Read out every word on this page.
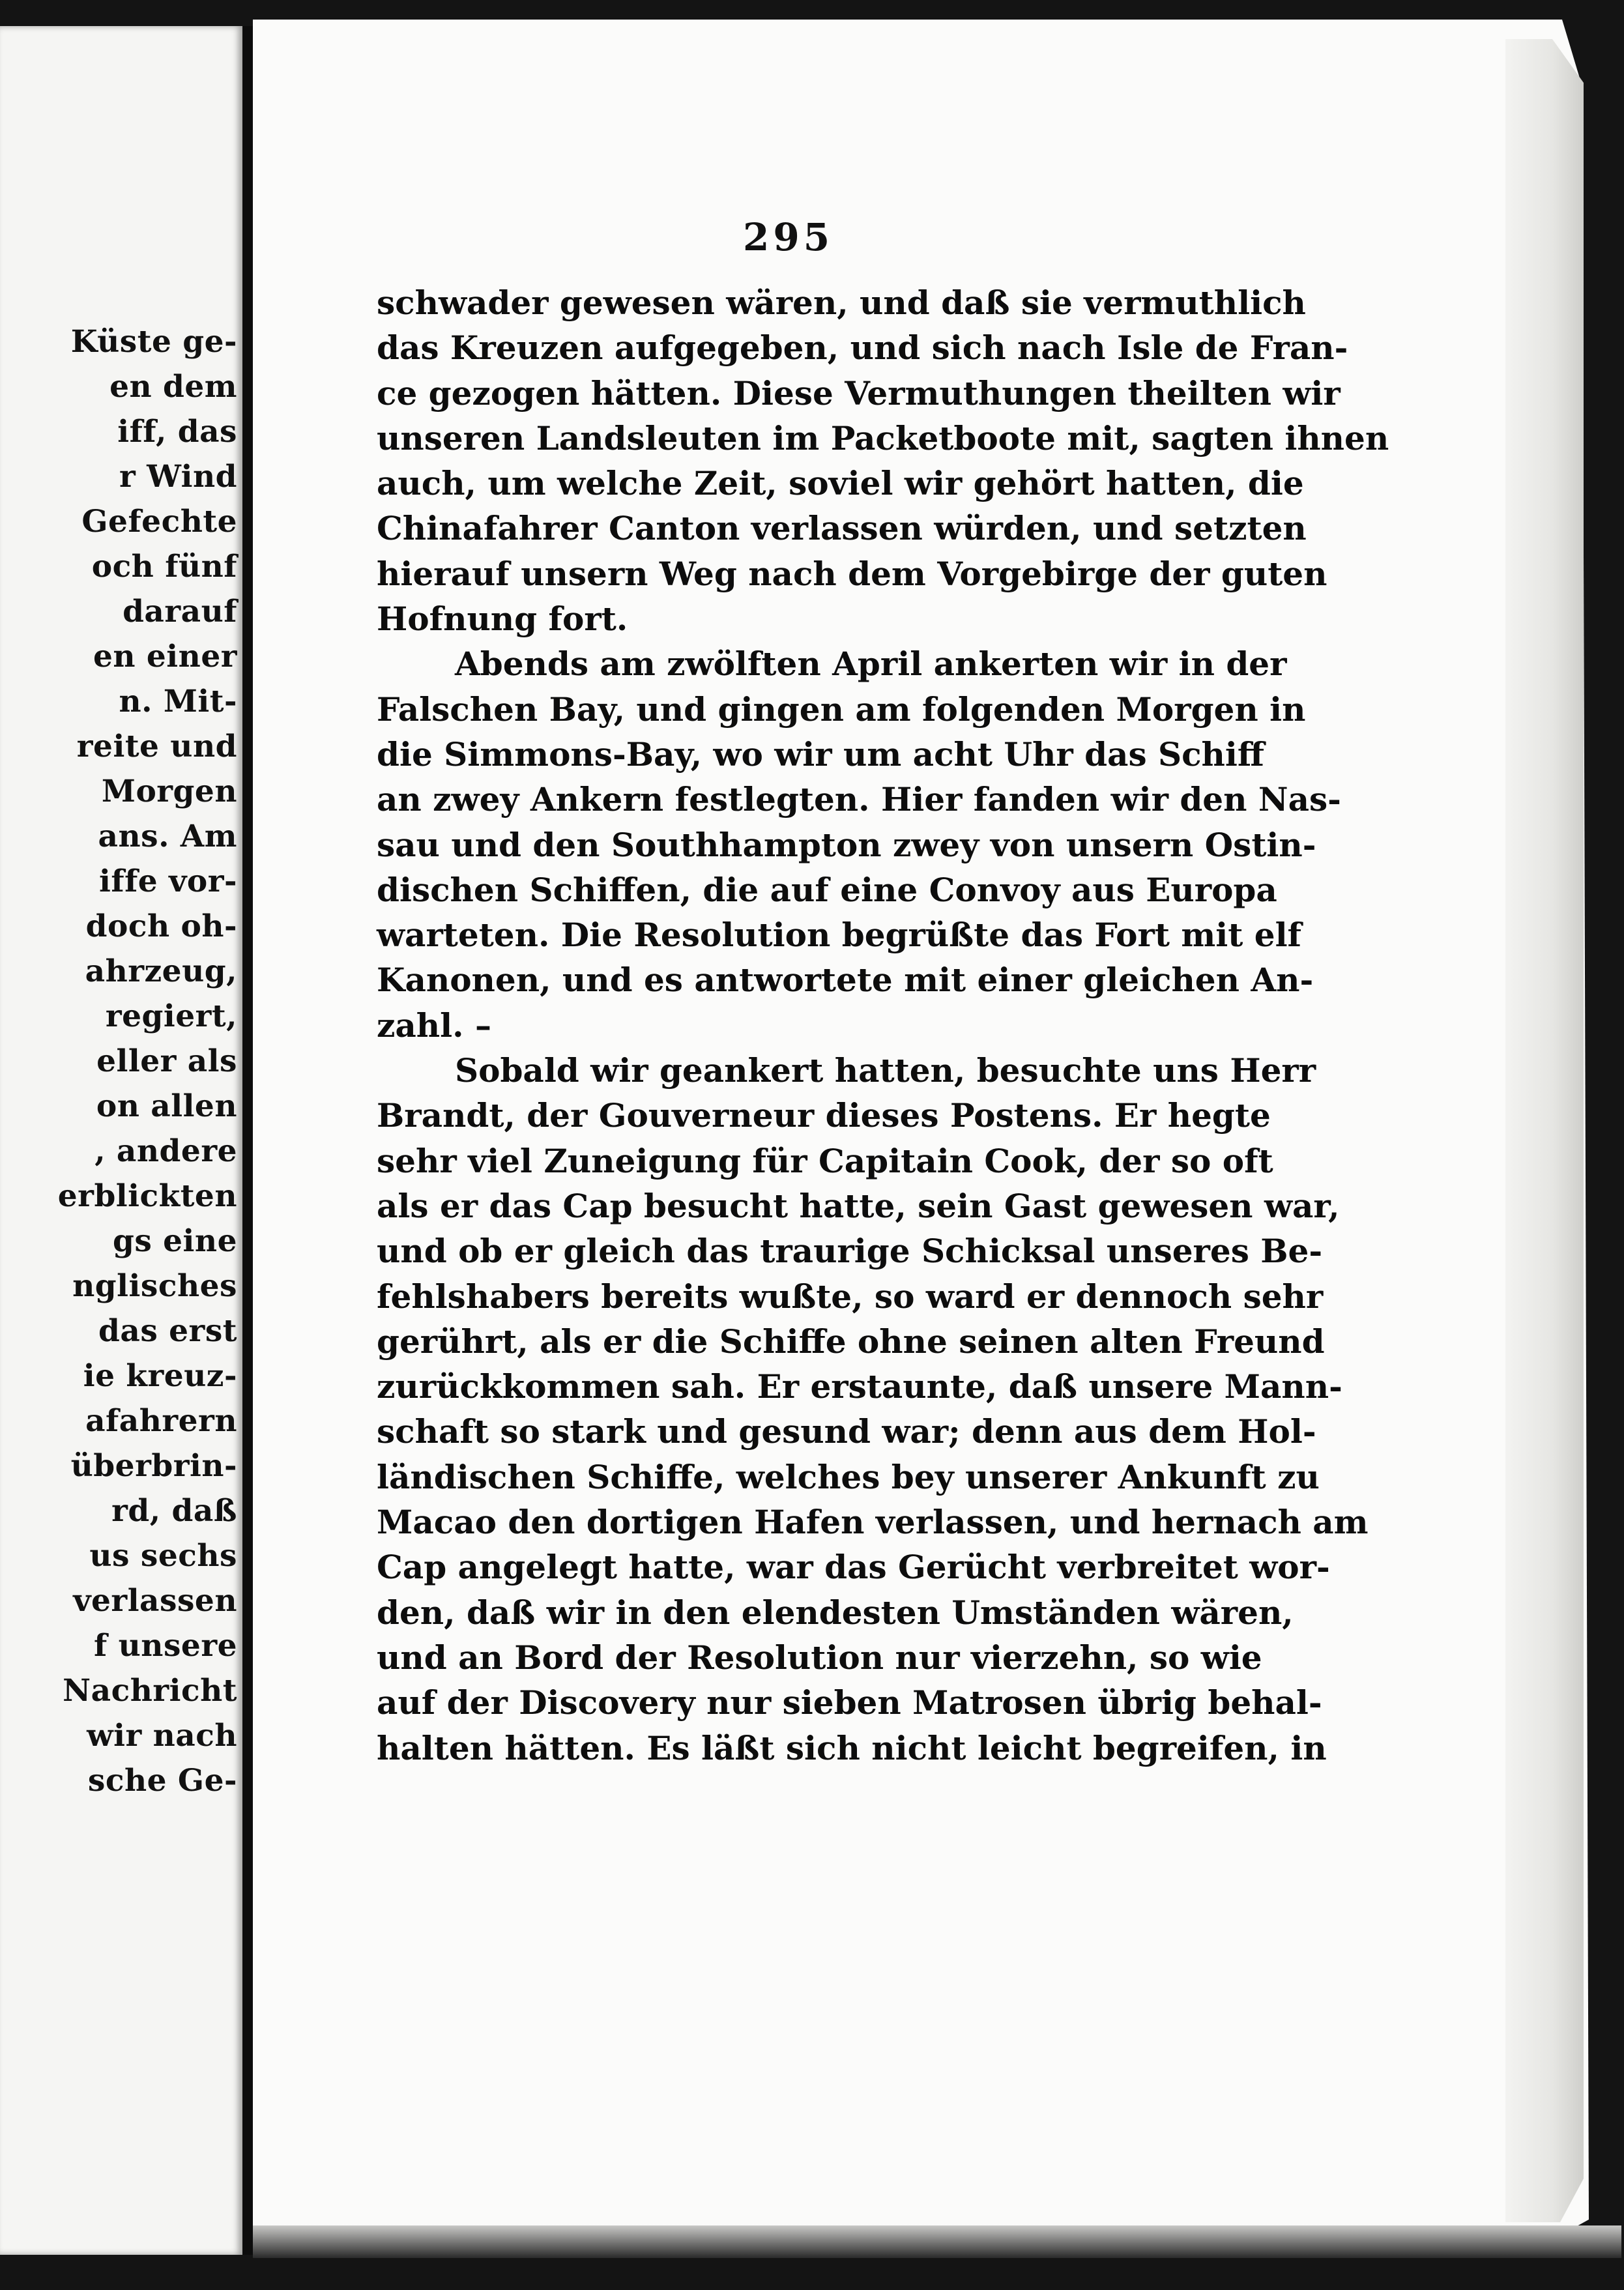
Küste ge-
en dem
iff, das
r Wind
Gefechte
och fünf
darauf
en einer
n. Mit-
reite und
Morgen
ans. Am
iffe vor-
doch oh-
ahrzeug,
regiert,
eller als
on allen
, andere
erblickten
gs eine
nglisches
das erst
ie kreuz-
afahrern
überbrin-
rd, daß
us sechs
verlassen
f unsere
Nachricht
wir nach
sche Ge-
295
schwader gewesen wären, und daß sie vermuthlich
das Kreuzen aufgegeben, und sich nach Isle de Fran-
ce gezogen hätten. Diese Vermuthungen theilten wir
unseren Landsleuten im Packetboote mit, sagten ihnen
auch, um welche Zeit, soviel wir gehört hatten, die
Chinafahrer Canton verlassen würden, und setzten
hierauf unsern Weg nach dem Vorgebirge der guten
Hofnung fort.
Abends am zwölften April ankerten wir in der
Falschen Bay, und gingen am folgenden Morgen in
die Simmons-Bay, wo wir um acht Uhr das Schiff
an zwey Ankern festlegten. Hier fanden wir den Nas-
sau und den Southhampton zwey von unsern Ostin-
dischen Schiffen, die auf eine Convoy aus Europa
warteten. Die Resolution begrüßte das Fort mit elf
Kanonen, und es antwortete mit einer gleichen An-
zahl. –
Sobald wir geankert hatten, besuchte uns Herr
Brandt, der Gouverneur dieses Postens. Er hegte
sehr viel Zuneigung für Capitain Cook, der so oft
als er das Cap besucht hatte, sein Gast gewesen war,
und ob er gleich das traurige Schicksal unseres Be-
fehlshabers bereits wußte, so ward er dennoch sehr
gerührt, als er die Schiffe ohne seinen alten Freund
zurückkommen sah. Er erstaunte, daß unsere Mann-
schaft so stark und gesund war; denn aus dem Hol-
ländischen Schiffe, welches bey unserer Ankunft zu
Macao den dortigen Hafen verlassen, und hernach am
Cap angelegt hatte, war das Gerücht verbreitet wor-
den, daß wir in den elendesten Umständen wären,
und an Bord der Resolution nur vierzehn, so wie
auf der Discovery nur sieben Matrosen übrig behal-
halten hätten. Es läßt sich nicht leicht begreifen, in
